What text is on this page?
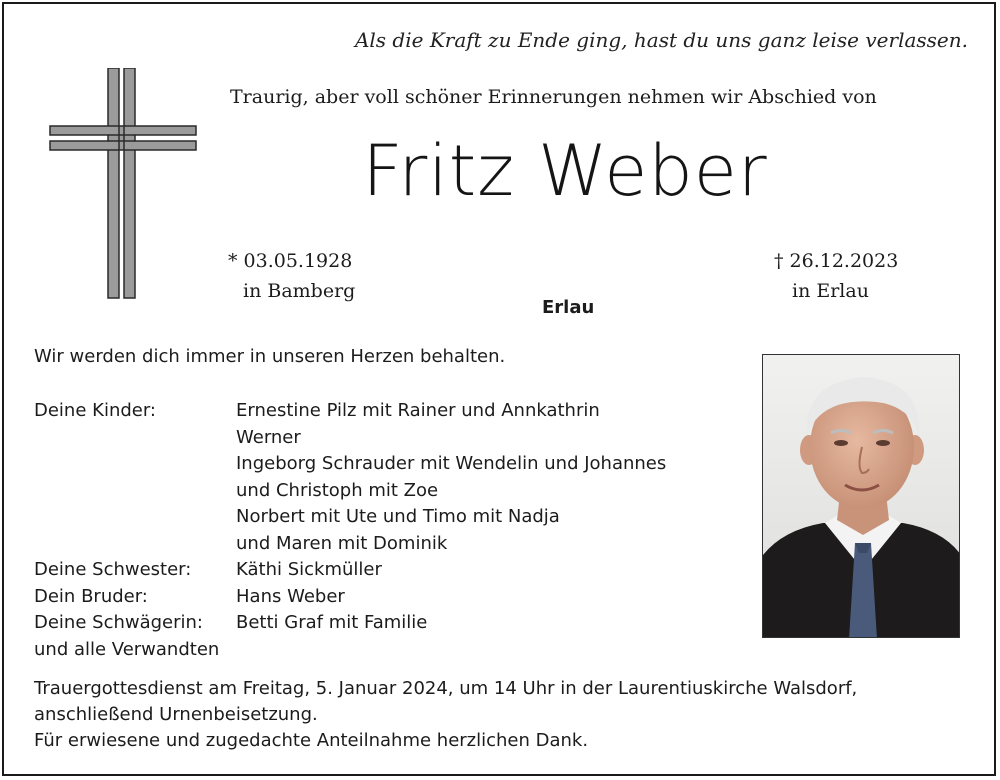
Als die Kraft zu Ende ging, hast du uns ganz leise verlassen.
Traurig, aber voll schöner Erinnerungen nehmen wir Abschied von
Fritz Weber
* 03.05.1928
in Bamberg
† 26.12.2023
in Erlau
Erlau
Wir werden dich immer in unseren Herzen behalten.
Deine Kinder:	Ernestine Pilz mit Rainer und Annkathrin
Werner
Ingeborg Schrauder mit Wendelin und Johannes
und Christoph mit Zoe
Norbert mit Ute und Timo mit Nadja
und Maren mit Dominik
Deine Schwester:	Käthi Sickmüller
Dein Bruder:	Hans Weber
Deine Schwägerin:	Betti Graf mit Familie
und alle Verwandten
Trauergottesdienst am Freitag, 5. Januar 2024, um 14 Uhr in der Laurentiuskirche Walsdorf,
anschließend Urnenbeisetzung.
Für erwiesene und zugedachte Anteilnahme herzlichen Dank.
